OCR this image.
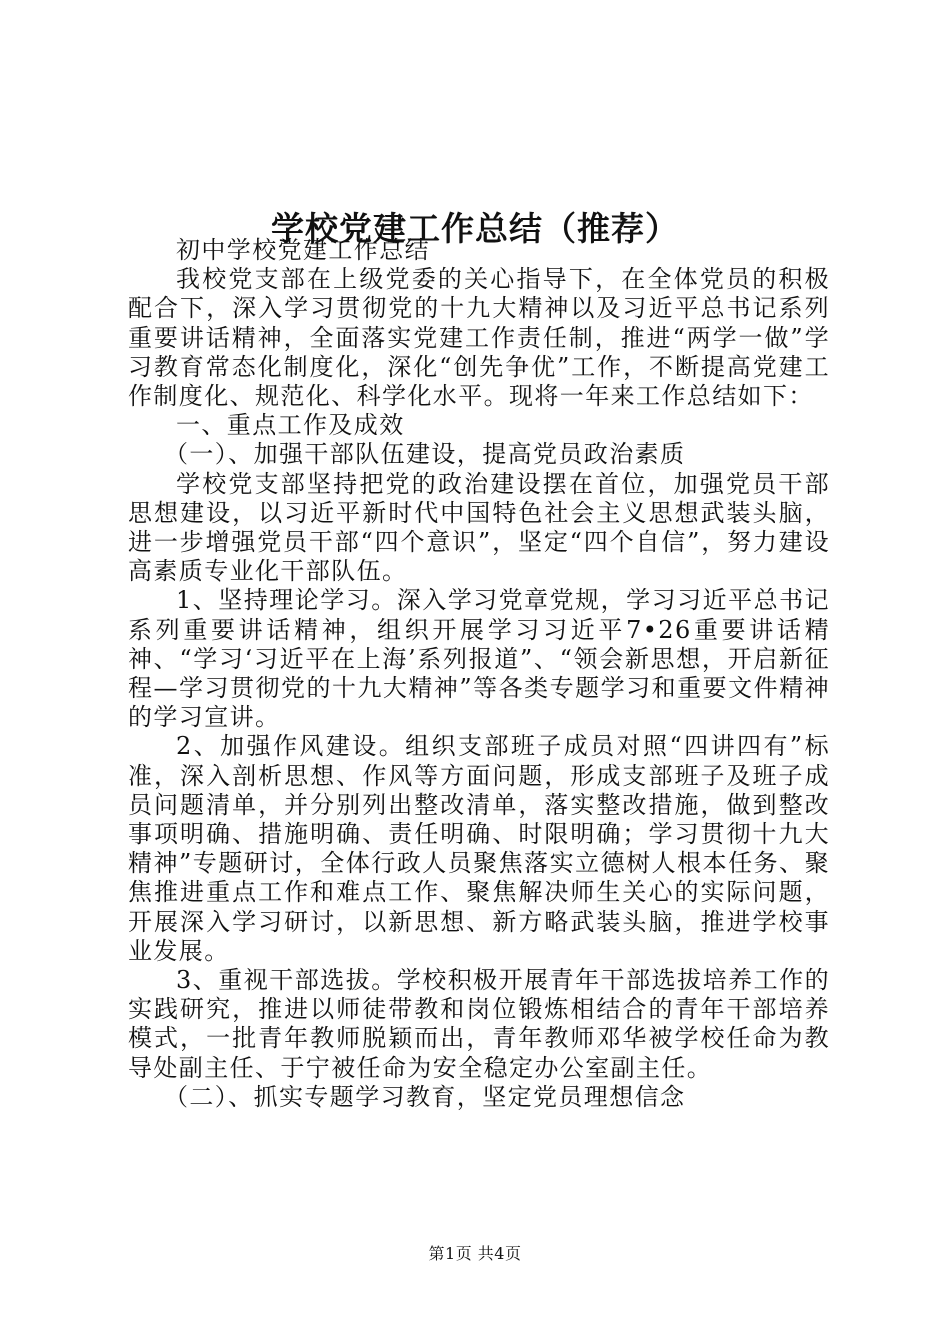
学校党建工作总结（推荐）

初中学校党建工作总结

我校党支部在上级党委的关心指导下，在全体党员的积极配合下，深入学习贯彻党的十九大精神以及习近平总书记系列重要讲话精神，全面落实党建工作责任制，推进“两学一做”学习教育常态化制度化，深化“创先争优”工作，不断提高党建工作制度化、规范化、科学化水平。现将一年来工作总结如下：

一、重点工作及成效

（一）、加强干部队伍建设，提高党员政治素质

学校党支部坚持把党的政治建设摆在首位，加强党员干部思想建设，以习近平新时代中国特色社会主义思想武装头脑，进一步增强党员干部“四个意识”，坚定“四个自信”，努力建设高素质专业化干部队伍。

1、坚持理论学习。深入学习党章党规，学习习近平总书记系列重要讲话精神，组织开展学习习近平7•26重要讲话精神、“学习‘习近平在上海’系列报道”、“领会新思想，开启新征程—学习贯彻党的十九大精神”等各类专题学习和重要文件精神的学习宣讲。

2、加强作风建设。组织支部班子成员对照“四讲四有”标准，深入剖析思想、作风等方面问题，形成支部班子及班子成员问题清单，并分别列出整改清单，落实整改措施，做到整改事项明确、措施明确、责任明确、时限明确；学习贯彻十九大精神”专题研讨，全体行政人员聚焦落实立德树人根本任务、聚焦推进重点工作和难点工作、聚焦解决师生关心的实际问题，开展深入学习研讨，以新思想、新方略武装头脑，推进学校事业发展。

3、重视干部选拔。学校积极开展青年干部选拔培养工作的实践研究，推进以师徒带教和岗位锻炼相结合的青年干部培养模式，一批青年教师脱颖而出，青年教师邓华被学校任命为教导处副主任、于宁被任命为安全稳定办公室副主任。

（二）、抓实专题学习教育，坚定党员理想信念

第1页 共4页
